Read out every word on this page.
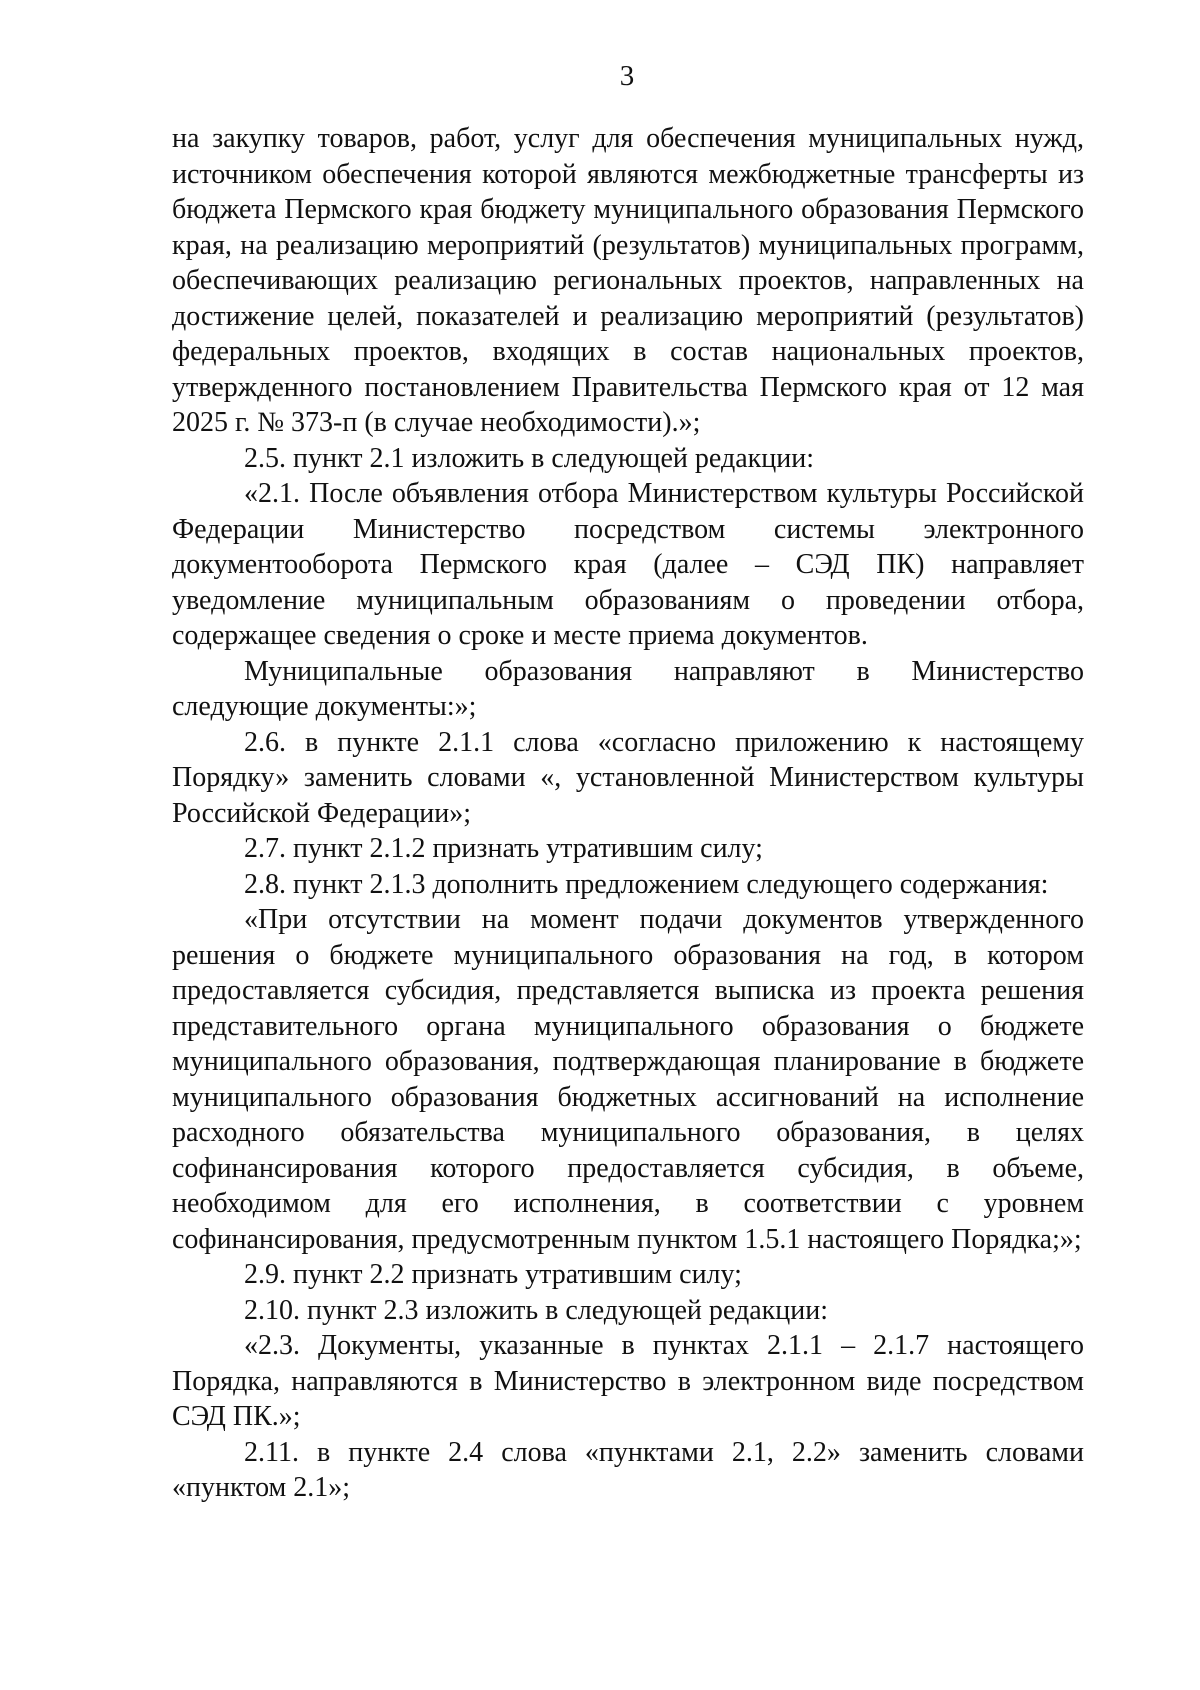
3

на закупку товаров, работ, услуг для обеспечения муниципальных нужд, источником обеспечения которой являются межбюджетные трансферты из бюджета Пермского края бюджету муниципального образования Пермского края, на реализацию мероприятий (результатов) муниципальных программ, обеспечивающих реализацию региональных проектов, направленных на достижение целей, показателей и реализацию мероприятий (результатов) федеральных проектов, входящих в состав национальных проектов, утвержденного постановлением Правительства Пермского края от 12 мая 2025 г. № 373-п (в случае необходимости).»;

2.5. пункт 2.1 изложить в следующей редакции:

«2.1. После объявления отбора Министерством культуры Российской Федерации Министерство посредством системы электронного документооборота Пермского края (далее – СЭД ПК) направляет уведомление муниципальным образованиям о проведении отбора, содержащее сведения о сроке и месте приема документов.

Муниципальные образования направляют в Министерство следующие документы:»;

2.6. в пункте 2.1.1 слова «согласно приложению к настоящему Порядку» заменить словами «, установленной Министерством культуры Российской Федерации»;

2.7. пункт 2.1.2 признать утратившим силу;

2.8. пункт 2.1.3 дополнить предложением следующего содержания:

«При отсутствии на момент подачи документов утвержденного решения о бюджете муниципального образования на год, в котором предоставляется субсидия, представляется выписка из проекта решения представительного органа муниципального образования о бюджете муниципального образования, подтверждающая планирование в бюджете муниципального образования бюджетных ассигнований на исполнение расходного обязательства муниципального образования, в целях софинансирования которого предоставляется субсидия, в объеме, необходимом для его исполнения, в соответствии с уровнем софинансирования, предусмотренным пунктом 1.5.1 настоящего Порядка;»;

2.9. пункт 2.2 признать утратившим силу;

2.10. пункт 2.3 изложить в следующей редакции:

«2.3. Документы, указанные в пунктах 2.1.1 – 2.1.7 настоящего Порядка, направляются в Министерство в электронном виде посредством СЭД ПК.»;

2.11. в пункте 2.4 слова «пунктами 2.1, 2.2» заменить словами «пунктом 2.1»;
